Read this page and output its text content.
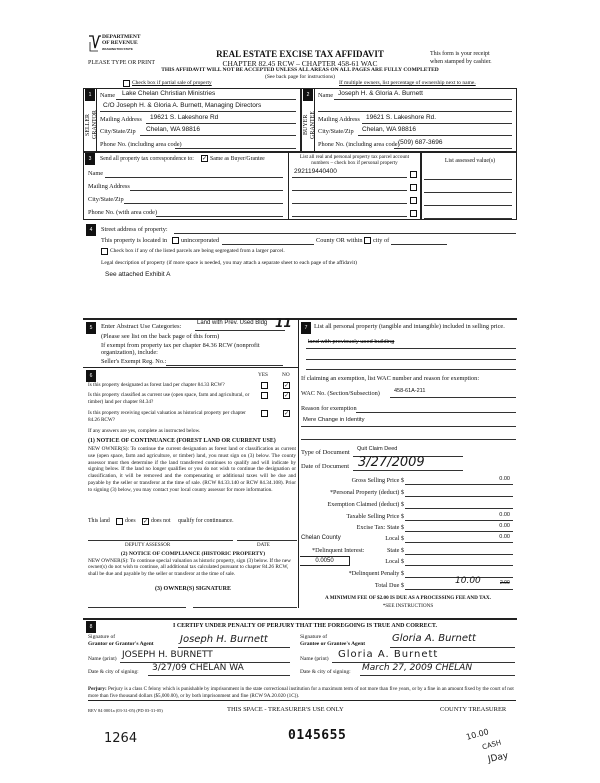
DEPARTMENT
OF REVENUE
WASHINGTON STATE
PLEASE TYPE OR PRINT
REAL ESTATE EXCISE TAX AFFIDAVIT
CHAPTER 82.45 RCW – CHAPTER 458-61 WAC
THIS AFFIDAVIT WILL NOT BE ACCEPTED UNLESS ALL AREAS ON ALL PAGES ARE FULLY COMPLETED
(See back page for instructions)
This form is your receipt
when stamped by cashier.
Check box if partial sale of property	If multiple owners, list percentage of ownership next to name.
1	2
SELLER
GRANTOR	BUYER
GRANTEE
Name Lake Chelan Christian Ministries
C/O Joseph H. & Gloria A. Burnett, Managing Directors
Mailing Address 19621 S. Lakeshore Rd
City/State/Zip Chelan, WA 98816
Phone No. (including area code)
Name Joseph H. & Gloria A. Burnett
Mailing Address 19621 S. Lakeshore Rd.
City/State/Zip Chelan, WA 98816
Phone No. (including area code)
(509) 687-3696
3	Send all property tax correspondence to: ✓ Same as Buyer/Grantee
Name
Mailing Address
City/State/Zip
Phone No. (with area code)
List all real and personal property tax parcel account numbers – check box if personal property	List assessed value(s)
292119440400
4	Street address of property:
This property is located in unincorporated	County OR within city of
Check box if any of the listed parcels are being segregated from a larger parcel.
Legal description of property (if more space is needed, you may attach a separate sheet to each page of the affidavit)
See attached Exhibit A
5	Enter Abstract Use Categories:	Land with Prev. Used Bldg 11
(Please see list on the back page of this form)
If exempt from property tax per chapter 84.36 RCW (nonprofit organization), include:
Seller's Exempt Reg. No.:
6	YES	NO
Is this property designated as forest land per chapter 84.33 RCW?	✓
Is this property classified as current use (open space, farm and agricultural, or timber) land per chapter 84.34?
✓
Is this property receiving special valuation as historical property per chapter 84.26 RCW?
✓
If any answers are yes, complete as instructed below.
(1) NOTICE OF CONTINUANCE (FOREST LAND OR CURRENT USE)
NEW OWNER(S): To continue the current designation as forest land or classification as current use (open space, farm and agriculture, or timber) land, you must sign on (3) below. The county assessor must then determine if the land transferred continues to qualify and will indicate by signing below. If the land no longer qualifies or you do not wish to continue the designation or classification, it will be removed and the compensating or additional taxes will be due and payable by the seller or transferor at the time of sale. (RCW 84.33.140 or RCW 84.34.108). Prior to signing (3) below, you may contact your local county assessor for more information.
This land	does ✓ does not qualify for continuance.
DEPUTY ASSESSOR	DATE
(2) NOTICE OF COMPLIANCE (HISTORIC PROPERTY)
NEW OWNER(S): To continue special valuation as historic property, sign (3) below. If the new owner(s) do not wish to continue, all additional tax calculated pursuant to chapter 84.26 RCW, shall be due and payable by the seller or transferor at the time of sale.
(3) OWNER(S) SIGNATURE
7	List all personal property (tangible and intangible) included in selling price.
land with previously used building
If claiming an exemption, list WAC number and reason for exemption:
WAC No. (Section/Subsection)	458-61A-211
Reason for exemption
Mere Change in Identity
Type of Document Quit Claim Deed
Date of Document 3/27/2009
Gross Selling Price $	0.00
*Personal Property (deduct) $
Exemption Claimed (deduct) $
Taxable Selling Price $	0.00
Excise Tax: State $	0.00
Chelan County	Local $	0.00
*Delinquent Interest:	State $
0.0050	Local $
*Delinquent Penalty $
Total Due $	10.00	2.00
A MINIMUM FEE OF $2.00 IS DUE AS A PROCESSING FEE AND TAX.
*SEE INSTRUCTIONS
8	I CERTIFY UNDER PENALTY OF PERJURY THAT THE FOREGOING IS TRUE AND CORRECT.
Signature of
Grantor or Grantor's Agent	Joseph H. Burnett
Name (print) JOSEPH H. BURNETT
Date & city of signing: 3/27/09 CHELAN WA
Signature of
Grantee or Grantee's Agent	Gloria A. Burnett
Name (print) Gloria A. Burnett
Date & city of signing: March 27, 2009 CHELAN
Perjury: Perjury is a class C felony which is punishable by imprisonment in the state correctional institution for a maximum term of not more than five years, or by a fine in an amount fixed by the court of not more than five thousand dollars ($5,000.00), or by both imprisonment and fine (RCW 9A.20.020 (1C)).
REV 84 0001a (03-31-05) (PD 03-31-05)	THIS SPACE - TREASURER'S USE ONLY	COUNTY TREASURER
1264	0145655	10.00
CASH
JDay
